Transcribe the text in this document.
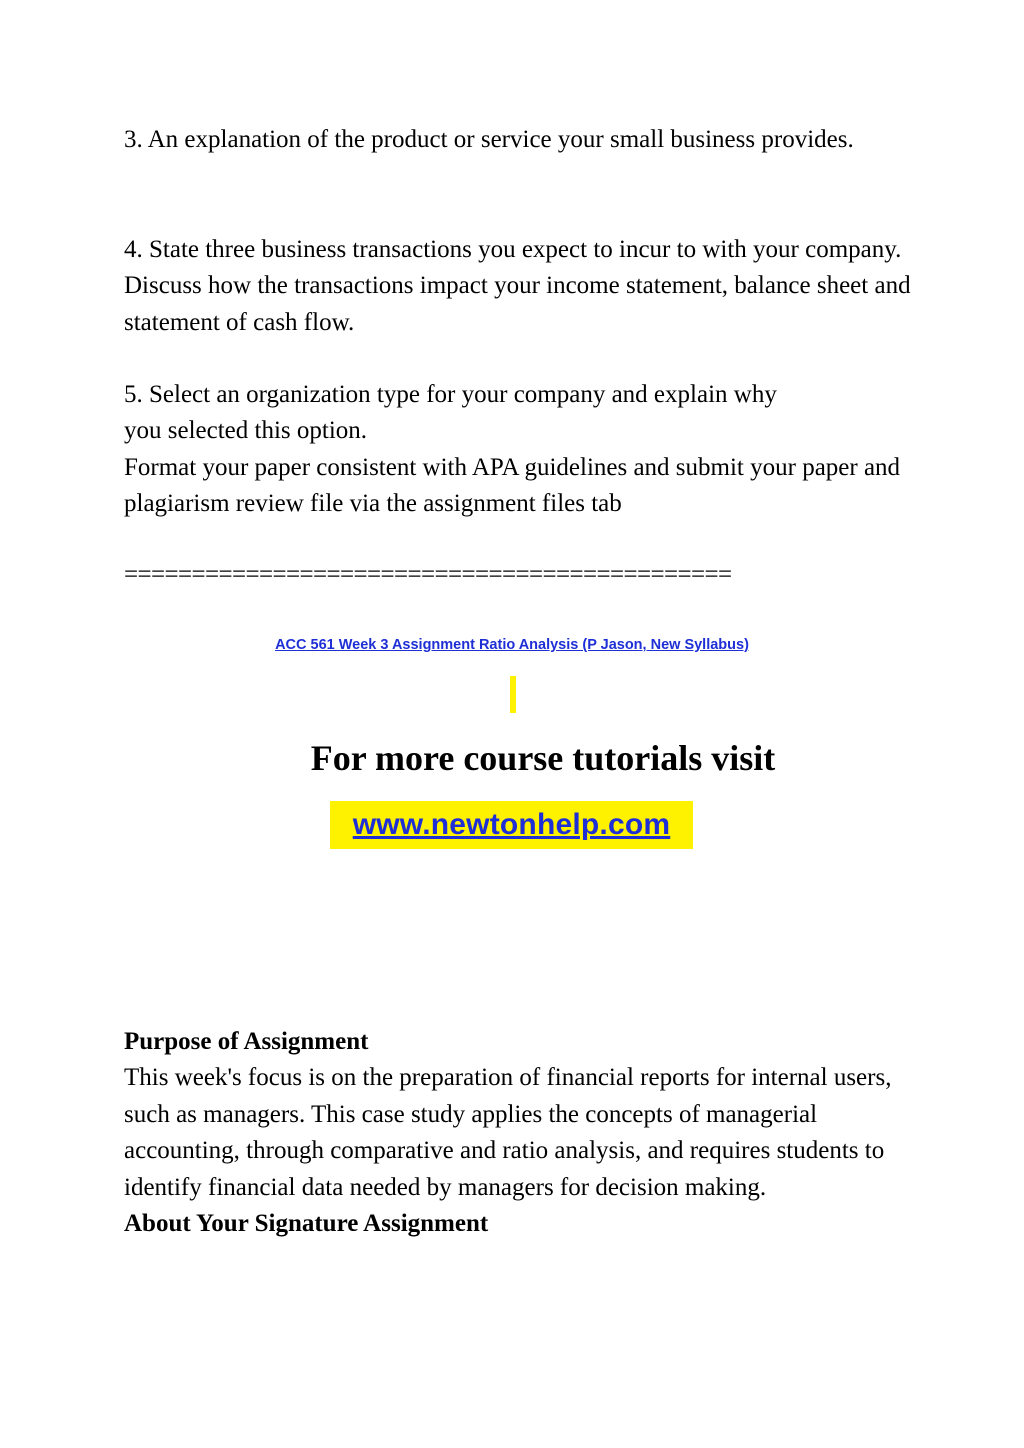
3. An explanation of the product or service your small business provides.

4. State three business transactions you expect to incur to with your company. Discuss how the transactions impact your income statement, balance sheet and statement of cash flow.

5. Select an organization type for your company and explain why

you selected this option.

Format your paper consistent with APA guidelines and submit your paper and plagiarism review file via the assignment files tab

=============================================

ACC 561 Week 3 Assignment Ratio Analysis (P Jason, New Syllabus)

For more course tutorials visit

www.newtonhelp.com

Purpose of Assignment

This week's focus is on the preparation of financial reports for internal users, such as managers. This case study applies the concepts of managerial accounting, through comparative and ratio analysis, and requires students to identify financial data needed by managers for decision making.

About Your Signature Assignment
